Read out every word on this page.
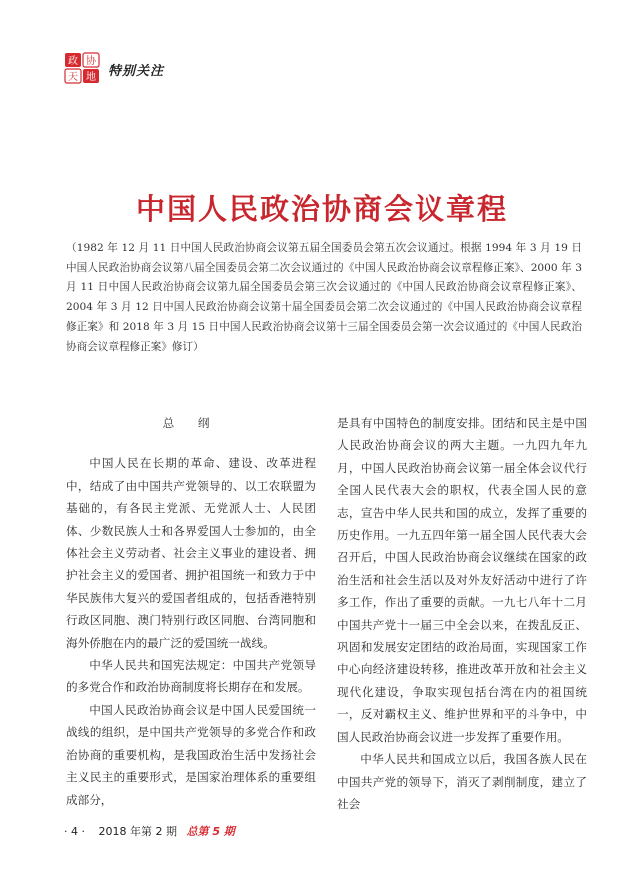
政 协
天 地 特别关注
中国人民政治协商会议章程
（1982 年 12 月 11 日中国人民政治协商会议第五届全国委员会第五次会议通过。根据 1994 年 3 月 19 日中国人民政治协商会议第八届全国委员会第二次会议通过的《中国人民政治协商会议章程修正案》、2000 年 3 月 11 日中国人民政治协商会议第九届全国委员会第三次会议通过的《中国人民政治协商会议章程修正案》、2004 年 3 月 12 日中国人民政治协商会议第十届全国委员会第二次会议通过的《中国人民政治协商会议章程修正案》和 2018 年 3 月 15 日中国人民政治协商会议第十三届全国委员会第一次会议通过的《中国人民政治协商会议章程修正案》修订）
总 纲

中国人民在长期的革命、建设、改革进程中，结成了由中国共产党领导的、以工农联盟为基础的，有各民主党派、无党派人士、人民团体、少数民族人士和各界爱国人士参加的，由全体社会主义劳动者、社会主义事业的建设者、拥护社会主义的爱国者、拥护祖国统一和致力于中华民族伟大复兴的爱国者组成的，包括香港特别行政区同胞、澳门特别行政区同胞、台湾同胞和海外侨胞在内的最广泛的爱国统一战线。

中华人民共和国宪法规定：中国共产党领导的多党合作和政治协商制度将长期存在和发展。

中国人民政治协商会议是中国人民爱国统一战线的组织，是中国共产党领导的多党合作和政治协商的重要机构，是我国政治生活中发扬社会主义民主的重要形式，是国家治理体系的重要组成部分，

是具有中国特色的制度安排。团结和民主是中国人民政治协商会议的两大主题。一九四九年九月，中国人民政治协商会议第一届全体会议代行全国人民代表大会的职权，代表全国人民的意志，宣告中华人民共和国的成立，发挥了重要的历史作用。一九五四年第一届全国人民代表大会召开后，中国人民政治协商会议继续在国家的政治生活和社会生活以及对外友好活动中进行了许多工作，作出了重要的贡献。一九七八年十二月中国共产党十一届三中全会以来，在拨乱反正、巩固和发展安定团结的政治局面，实现国家工作中心向经济建设转移，推进改革开放和社会主义现代化建设，争取实现包括台湾在内的祖国统一，反对霸权主义、维护世界和平的斗争中，中国人民政治协商会议进一步发挥了重要作用。

中华人民共和国成立以后，我国各族人民在中国共产党的领导下，消灭了剥削制度，建立了社会

· 4 · 2018 年第 2 期 总第 5 期
